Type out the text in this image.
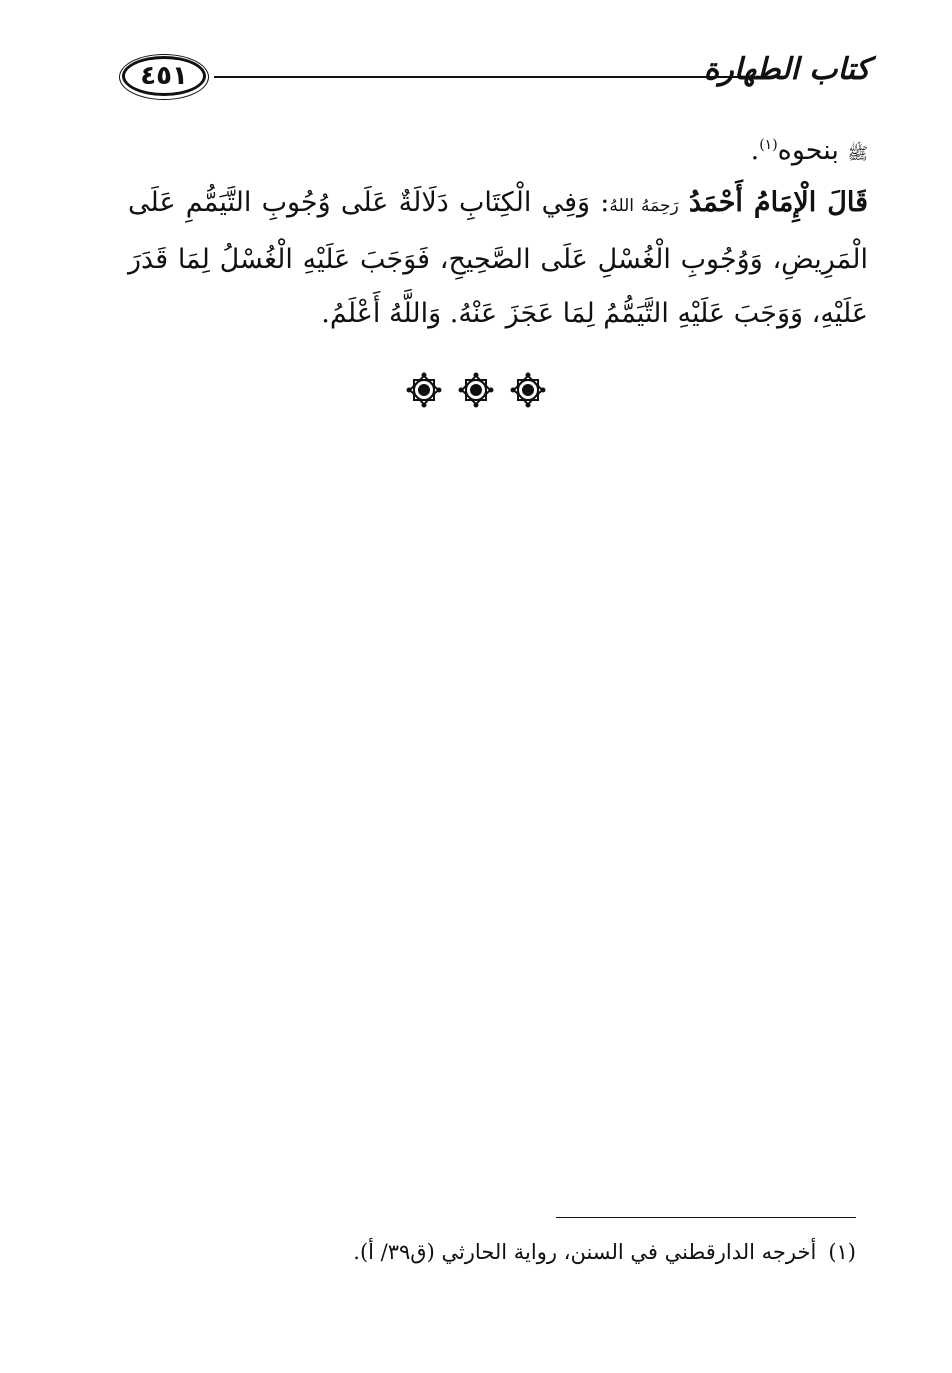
٤٥١	كتاب الطهارة
ﷺ بنحوه$^{(١)}$.
قَالَ الْإِمَامُ أَحْمَدُ رَحِمَهُ اللهُ: وَفِي الْكِتَابِ دَلَالَةٌ عَلَى وُجُوبِ التَّيَمُّمِ عَلَى الْمَرِيضِ، وَوُجُوبِ الْغُسْلِ عَلَى الصَّحِيحِ، فَوَجَبَ عَلَيْهِ الْغُسْلُ لِمَا قَدَرَ عَلَيْهِ، وَوَجَبَ عَلَيْهِ التَّيَمُّمُ لِمَا عَجَزَ عَنْهُ. وَاللَّهُ أَعْلَمُ.
(١)أخرجه الدارقطني في السنن، رواية الحارثي (ق٣٩/ أ).
